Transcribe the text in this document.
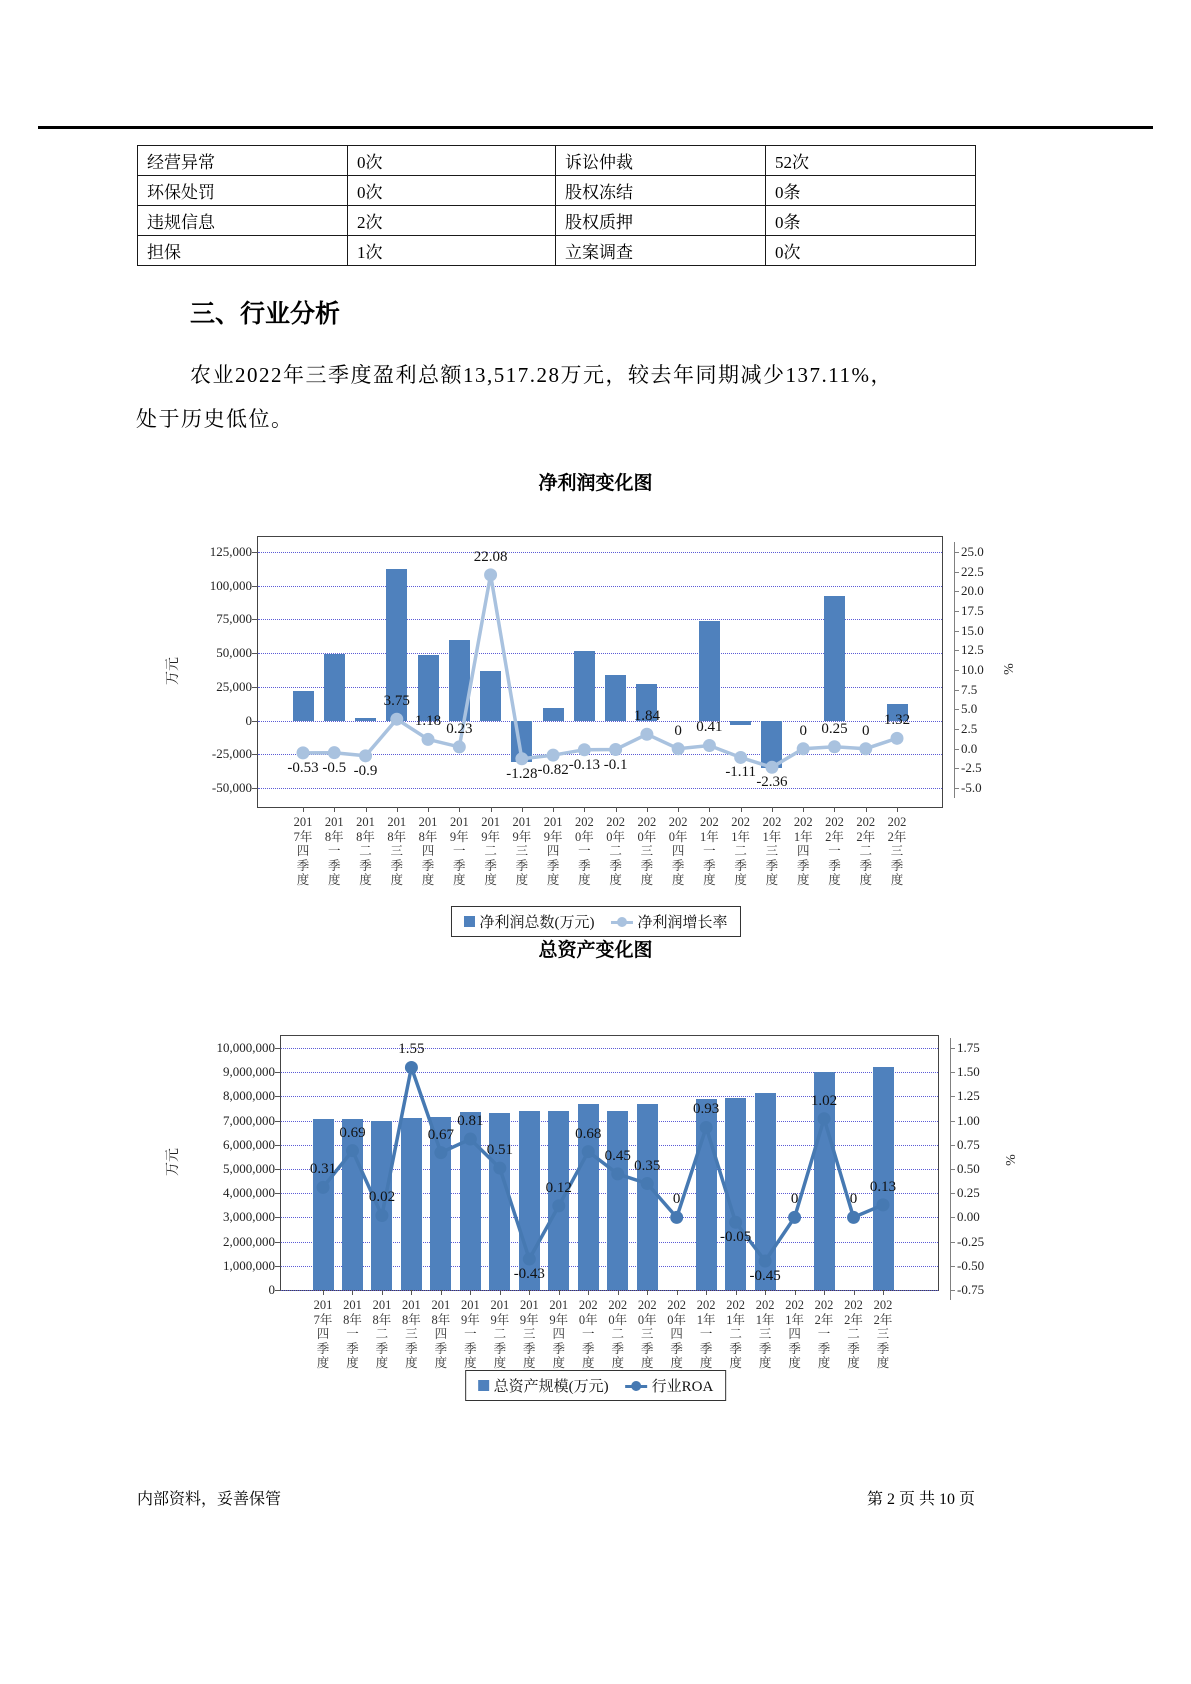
经营异常	0次	诉讼仲裁	52次
环保处罚	0次	股权冻结	0条
违规信息	2次	股权质押	0条
担保	1次	立案调查	0次
三、行业分析
农业2022年三季度盈利总额13,517.28万元，较去年同期减少137.11%，
处于历史低位。
净利润变化图
万元	%
125,000
100,000
75,000
50,000
25,000
0
-25,000
-50,000
25.0
22.5
20.0
17.5
15.0
12.5
10.0
7.5
5.0
2.5
0.0
-2.5
-5.0
-0.53 -0.5 -0.9
3.75
1.18 0.23
22.08
-1.28 -0.82 -0.13 -0.1
1.84
0 0.41
-1.11
-2.36
0 0.25 0
1.32
201
7年
四
季
度
201
8年
一
季
度
201
8年
二
季
度
201
8年
三
季
度
201
8年
四
季
度
201
9年
一
季
度
201
9年
二
季
度
201
9年
三
季
度
201
9年
四
季
度
202
0年
一
季
度
202
0年
二
季
度
202
0年
三
季
度
202
0年
四
季
度
202
1年
一
季
度
202
1年
二
季
度
202
1年
三
季
度
202
1年
四
季
度
202
2年
一
季
度
202
2年
二
季
度
202
2年
三
季
度
净利润总数(万元)	净利润增长率
总资产变化图
万元	%
10,000,000
9,000,000
8,000,000
7,000,000
6,000,000
5,000,000
4,000,000
3,000,000
2,000,000
1,000,000
0
1.75
1.50
1.25
1.00
0.75
0.50
0.25
0.00
-0.25
-0.50
-0.75
0.31
0.69
0.02
1.55
0.67
0.81
0.51
-0.43
0.12
0.68
0.45
0.35
0
0.93
-0.05
-0.45
0
1.02
0
0.13
201
7年
四
季
度
201
8年
一
季
度
201
8年
二
季
度
201
8年
三
季
度
201
8年
四
季
度
201
9年
一
季
度
201
9年
二
季
度
201
9年
三
季
度
201
9年
四
季
度
202
0年
一
季
度
202
0年
二
季
度
202
0年
三
季
度
202
0年
四
季
度
202
1年
一
季
度
202
1年
二
季
度
202
1年
三
季
度
202
1年
四
季
度
202
2年
一
季
度
202
2年
二
季
度
202
2年
三
季
度
总资产规模(万元)	行业ROA
内部资料，妥善保管	第 2 页 共 10 页
